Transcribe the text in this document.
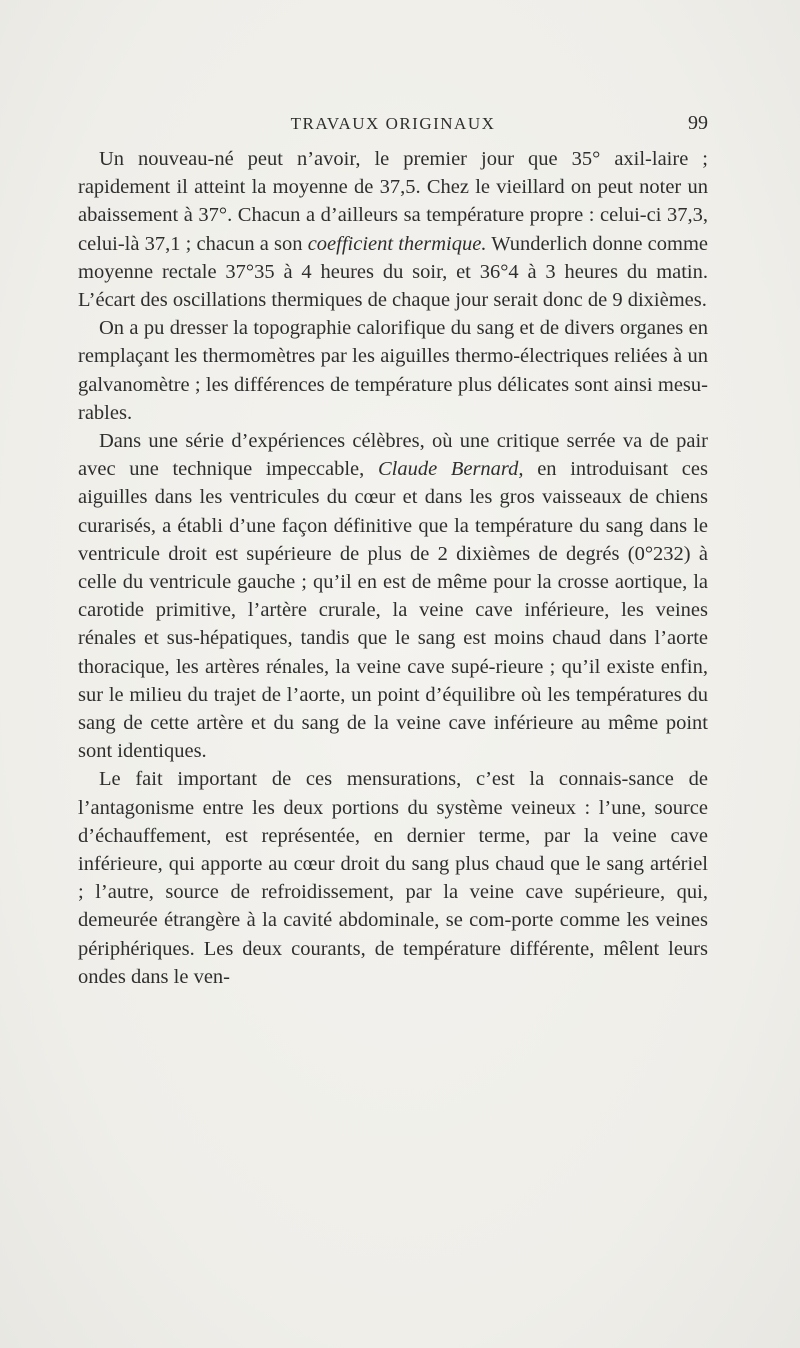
TRAVAUX ORIGINAUX	99

Un nouveau-né peut n’avoir, le premier jour que 35° axil-laire ; rapidement il atteint la moyenne de 37,5. Chez le vieillard on peut noter un abaissement à 37°. Chacun a d’ailleurs sa température propre : celui-ci 37,3, celui-là 37,1 ; chacun a son coefficient thermique. Wunderlich donne comme moyenne rectale 37°35 à 4 heures du soir, et 36°4 à 3 heures du matin. L’écart des oscillations thermiques de chaque jour serait donc de 9 dixièmes.

On a pu dresser la topographie calorifique du sang et de divers organes en remplaçant les thermomètres par les aiguilles thermo-électriques reliées à un galvanomètre ; les différences de température plus délicates sont ainsi mesu-rables.

Dans une série d’expériences célèbres, où une critique serrée va de pair avec une technique impeccable, Claude Bernard, en introduisant ces aiguilles dans les ventricules du cœur et dans les gros vaisseaux de chiens curarisés, a établi d’une façon définitive que la température du sang dans le ventricule droit est supérieure de plus de 2 dixièmes de degrés (0°232) à celle du ventricule gauche ; qu’il en est de même pour la crosse aortique, la carotide primitive, l’artère crurale, la veine cave inférieure, les veines rénales et sus-hépatiques, tandis que le sang est moins chaud dans l’aorte thoracique, les artères rénales, la veine cave supé-rieure ; qu’il existe enfin, sur le milieu du trajet de l’aorte, un point d’équilibre où les températures du sang de cette artère et du sang de la veine cave inférieure au même point sont identiques.

Le fait important de ces mensurations, c’est la connais-sance de l’antagonisme entre les deux portions du système veineux : l’une, source d’échauffement, est représentée, en dernier terme, par la veine cave inférieure, qui apporte au cœur droit du sang plus chaud que le sang artériel ; l’autre, source de refroidissement, par la veine cave supérieure, qui, demeurée étrangère à la cavité abdominale, se com-porte comme les veines périphériques. Les deux courants, de température différente, mêlent leurs ondes dans le ven-
